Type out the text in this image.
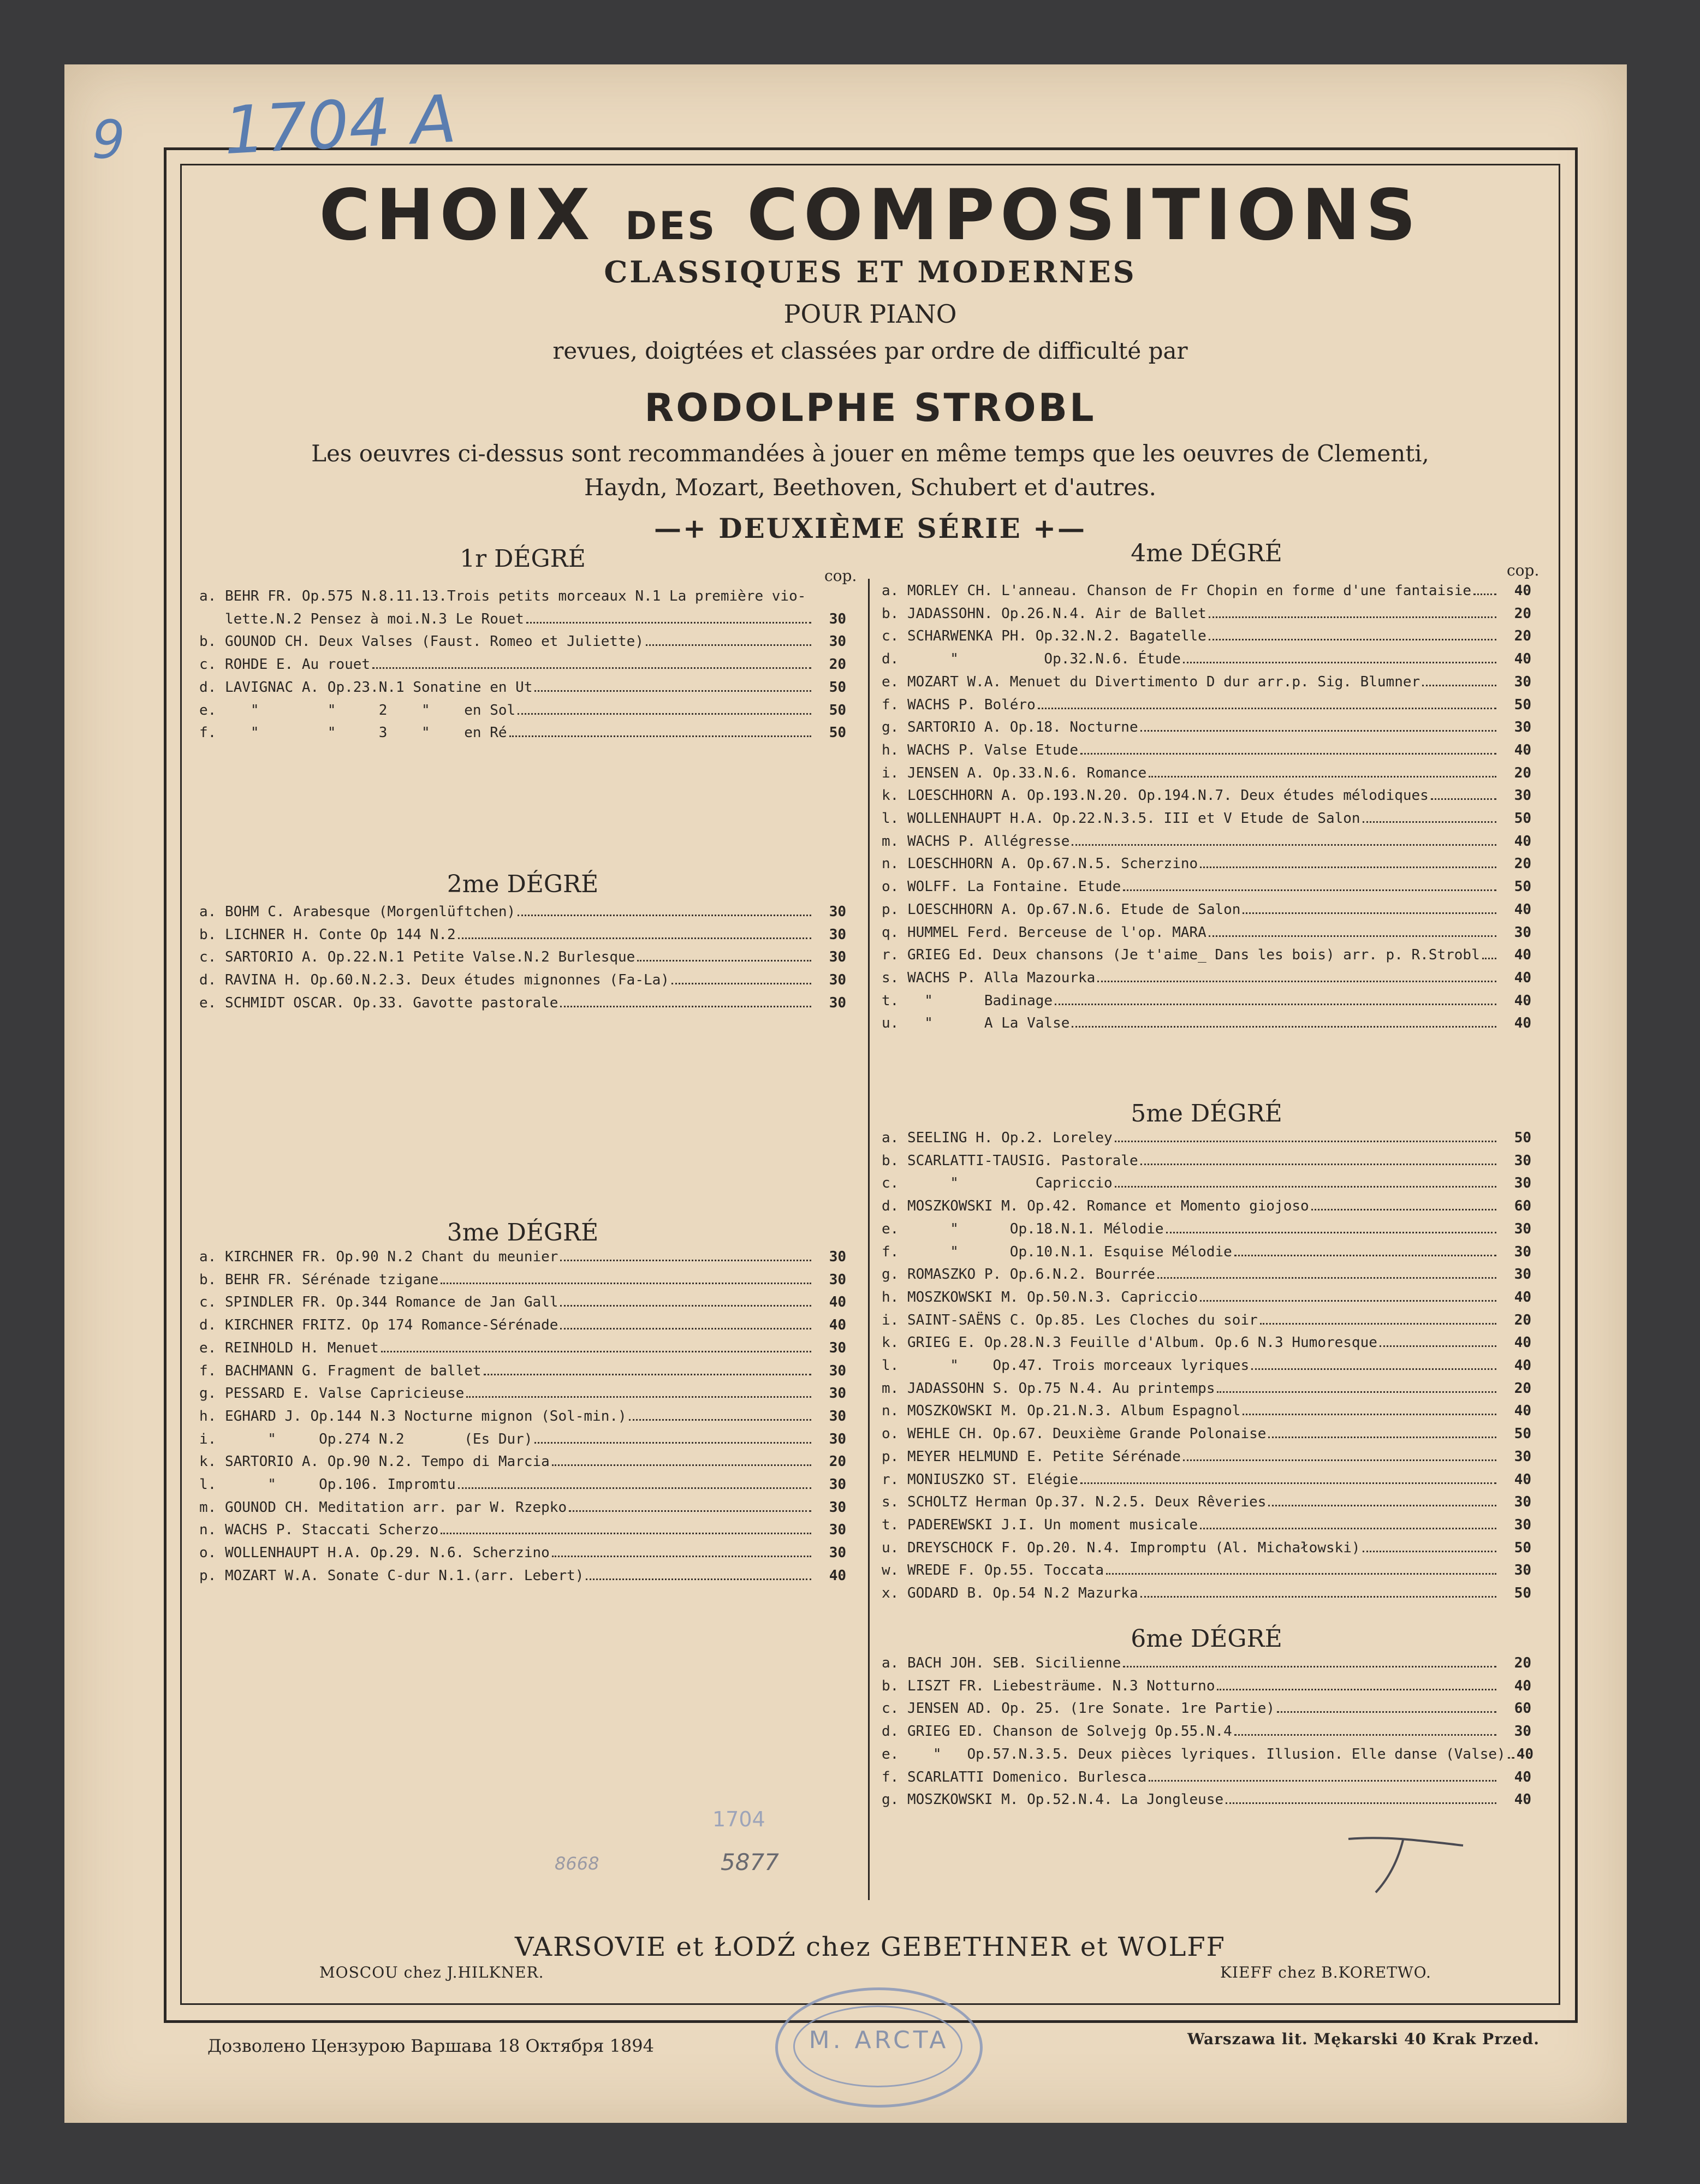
9 1704 A
CHOIX DES COMPOSITIONS
CLASSIQUES ET MODERNES
POUR PIANO
revues, doigtées et classées par ordre de difficulté par
RODOLPHE STROBL
Les oeuvres ci-dessus sont recommandées à jouer en même temps que les oeuvres de Clementi,
Haydn, Mozart, Beethoven, Schubert et d'autres.
—+ DEUXIÈME SÉRIE +—
1r DÉGRÉ
cop.
a. BEHR FR. Op.575 N.8.11.13.Trois petits morceaux N.1 La première vio-
lette.N.2 Pensez à moi.N.3 Le Rouet	30
b. GOUNOD CH. Deux Valses (Faust. Romeo et Juliette)	30
c. ROHDE E. Au rouet	20
d. LAVIGNAC A. Op.23.N.1 Sonatine en Ut	50
e.    "        "     2    "    en Sol	50
f.    "        "     3    "    en Ré	50
2me DÉGRÉ
a. BOHM C. Arabesque (Morgenlüftchen)	30
b. LICHNER H. Conte Op 144 N.2	30
c. SARTORIO A. Op.22.N.1 Petite Valse.N.2 Burlesque	30
d. RAVINA H. Op.60.N.2.3. Deux études mignonnes (Fa-La)	30
e. SCHMIDT OSCAR. Op.33. Gavotte pastorale	30
3me DÉGRÉ
a. KIRCHNER FR. Op.90 N.2 Chant du meunier	30
b. BEHR FR. Sérénade tzigane	30
c. SPINDLER FR. Op.344 Romance de Jan Gall	40
d. KIRCHNER FRITZ. Op 174 Romance-Sérénade	40
e. REINHOLD H. Menuet	30
f. BACHMANN G. Fragment de ballet	30
g. PESSARD E. Valse Capricieuse	30
h. EGHARD J. Op.144 N.3 Nocturne mignon (Sol-min.)	30
i.      "     Op.274 N.2       (Es Dur)	30
k. SARTORIO A. Op.90 N.2. Tempo di Marcia	20
l.      "     Op.106. Impromtu	30
m. GOUNOD CH. Meditation arr. par W. Rzepko	30
n. WACHS P. Staccati Scherzo	30
o. WOLLENHAUPT H.A. Op.29. N.6. Scherzino	30
p. MOZART W.A. Sonate C-dur N.1.(arr. Lebert)	40
4me DÉGRÉ
cop.
a. MORLEY CH. L'anneau. Chanson de Fr Chopin en forme d'une fantaisie	40
b. JADASSOHN. Op.26.N.4. Air de Ballet	20
c. SCHARWENKA PH. Op.32.N.2. Bagatelle	20
d.      "          Op.32.N.6. Étude	40
e. MOZART W.A. Menuet du Divertimento D dur arr.p. Sig. Blumner	30
f. WACHS P. Boléro	50
g. SARTORIO A. Op.18. Nocturne	30
h. WACHS P. Valse Etude	40
i. JENSEN A. Op.33.N.6. Romance	20
k. LOESCHHORN A. Op.193.N.20. Op.194.N.7. Deux études mélodiques	30
l. WOLLENHAUPT H.A. Op.22.N.3.5. III et V Etude de Salon	50
m. WACHS P. Allégresse	40
n. LOESCHHORN A. Op.67.N.5. Scherzino	20
o. WOLFF. La Fontaine. Etude	50
p. LOESCHHORN A. Op.67.N.6. Etude de Salon	40
q. HUMMEL Ferd. Berceuse de l'op. MARA	30
r. GRIEG Ed. Deux chansons (Je t'aime_ Dans les bois) arr. p. R.Strobl	40
s. WACHS P. Alla Mazourka	40
t.   "      Badinage	40
u.   "      A La Valse	40
5me DÉGRÉ
a. SEELING H. Op.2. Loreley	50
b. SCARLATTI-TAUSIG. Pastorale	30
c.      "         Capriccio	30
d. MOSZKOWSKI M. Op.42. Romance et Momento giojoso	60
e.      "      Op.18.N.1. Mélodie	30
f.      "      Op.10.N.1. Esquise Mélodie	30
g. ROMASZKO P. Op.6.N.2. Bourrée	30
h. MOSZKOWSKI M. Op.50.N.3. Capriccio	40
i. SAINT-SAËNS C. Op.85. Les Cloches du soir	20
k. GRIEG E. Op.28.N.3 Feuille d'Album. Op.6 N.3 Humoresque	40
l.      "    Op.47. Trois morceaux lyriques	40
m. JADASSOHN S. Op.75 N.4. Au printemps	20
n. MOSZKOWSKI M. Op.21.N.3. Album Espagnol	40
o. WEHLE CH. Op.67. Deuxième Grande Polonaise	50
p. MEYER HELMUND E. Petite Sérénade	30
r. MONIUSZKO ST. Elégie	40
s. SCHOLTZ Herman Op.37. N.2.5. Deux Rêveries	30
t. PADEREWSKI J.I. Un moment musicale	30
u. DREYSCHOCK F. Op.20. N.4. Impromptu (Al. Michałowski)	50
w. WREDE F. Op.55. Toccata	30
x. GODARD B. Op.54 N.2 Mazurka	50
6me DÉGRÉ
a. BACH JOH. SEB. Sicilienne	20
b. LISZT FR. Liebesträume. N.3 Notturno	40
c. JENSEN AD. Op. 25. (1re Sonate. 1re Partie)	60
d. GRIEG ED. Chanson de Solvejg Op.55.N.4	30
e.    "   Op.57.N.3.5. Deux pièces lyriques. Illusion. Elle danse (Valse) 40
f. SCARLATTI Domenico. Burlesca	40
g. MOSZKOWSKI M. Op.52.N.4. La Jongleuse	40
1704
5877
8668
VARSOVIE et ŁODŹ chez GEBETHNER et WOLFF
MOSCOU chez J.HILKNER.	KIEFF chez B.KORETWO.
Дозволено Цензурою Варшава 18 Октября 1894	Warszawa lit. Mękarski 40 Krak Przed.
M. ARCTA
